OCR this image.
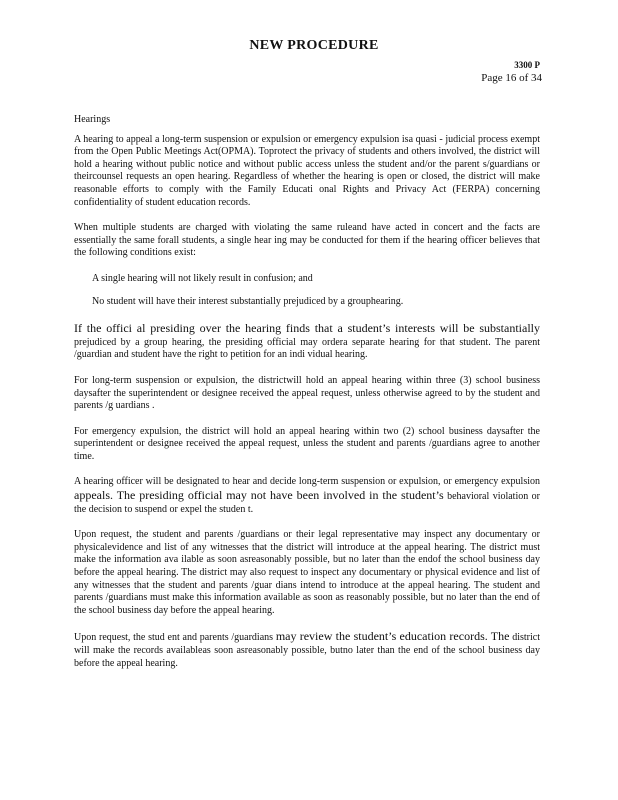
NEW PROCEDURE
3300 P
Page 16 of 34
Hearings

A hearing to appeal a long-term suspension or expulsion or emergency expulsion isa quasi - judicial process exempt from the Open Public Meetings Act(OPMA). Toprotect the privacy of students and others involved, the district will hold a hearing without public notice and without public access unless the student and/or the parent s/guardians or theircounsel requests an open hearing. Regardless of whether the hearing is open or closed, the district will make reasonable efforts to comply with the Family Educati onal Rights and Privacy Act (FERPA) concerning confidentiality of student education records.

When multiple students are charged with violating the same ruleand have acted in concert and the facts are essentially the same forall students, a single hear ing may be conducted for them if the hearing officer believes that the following conditions exist:

A single hearing will not likely result in confusion; and
No student will have their interest substantially prejudiced by a grouphearing.

If the offici al presiding over the hearing finds that a student’s interests will be substantially prejudiced by a group hearing, the presiding official may ordera separate hearing for that student. The parent /guardian and student have the right to petition for an indi vidual hearing.

For long-term suspension or expulsion, the districtwill hold an appeal hearing within three (3) school business daysafter the superintendent or designee received the appeal request, unless otherwise agreed to by the student and parents /g uardians .

For emergency expulsion, the district will hold an appeal hearing within two (2) school business daysafter the superintendent or designee received the appeal request, unless the student and parents /guardians agree to another time.

A hearing officer will be designated to hear and decide long-term suspension or expulsion, or emergency expulsion appeals. The presiding official may not have been involved in the student’s behavioral violation or the decision to suspend or expel the studen t.

Upon request, the student and parents /guardians or their legal representative may inspect any documentary or physicalevidence and list of any witnesses that the district will introduce at the appeal hearing. The district must make the information ava ilable as soon asreasonably possible, but no later than the endof the school business day before the appeal hearing. The district may also request to inspect any documentary or physical evidence and list of any witnesses that the student and parents /guar dians intend to introduce at the appeal hearing. The student and parents /guardians must make this information available as soon as reasonably possible, but no later than the end of the school business day before the appeal hearing.

Upon request, the stud ent and parents /guardians may review the student’s education records. The district will make the records availableas soon asreasonably possible, butno later than the end of the school business day before the appeal hearing.
